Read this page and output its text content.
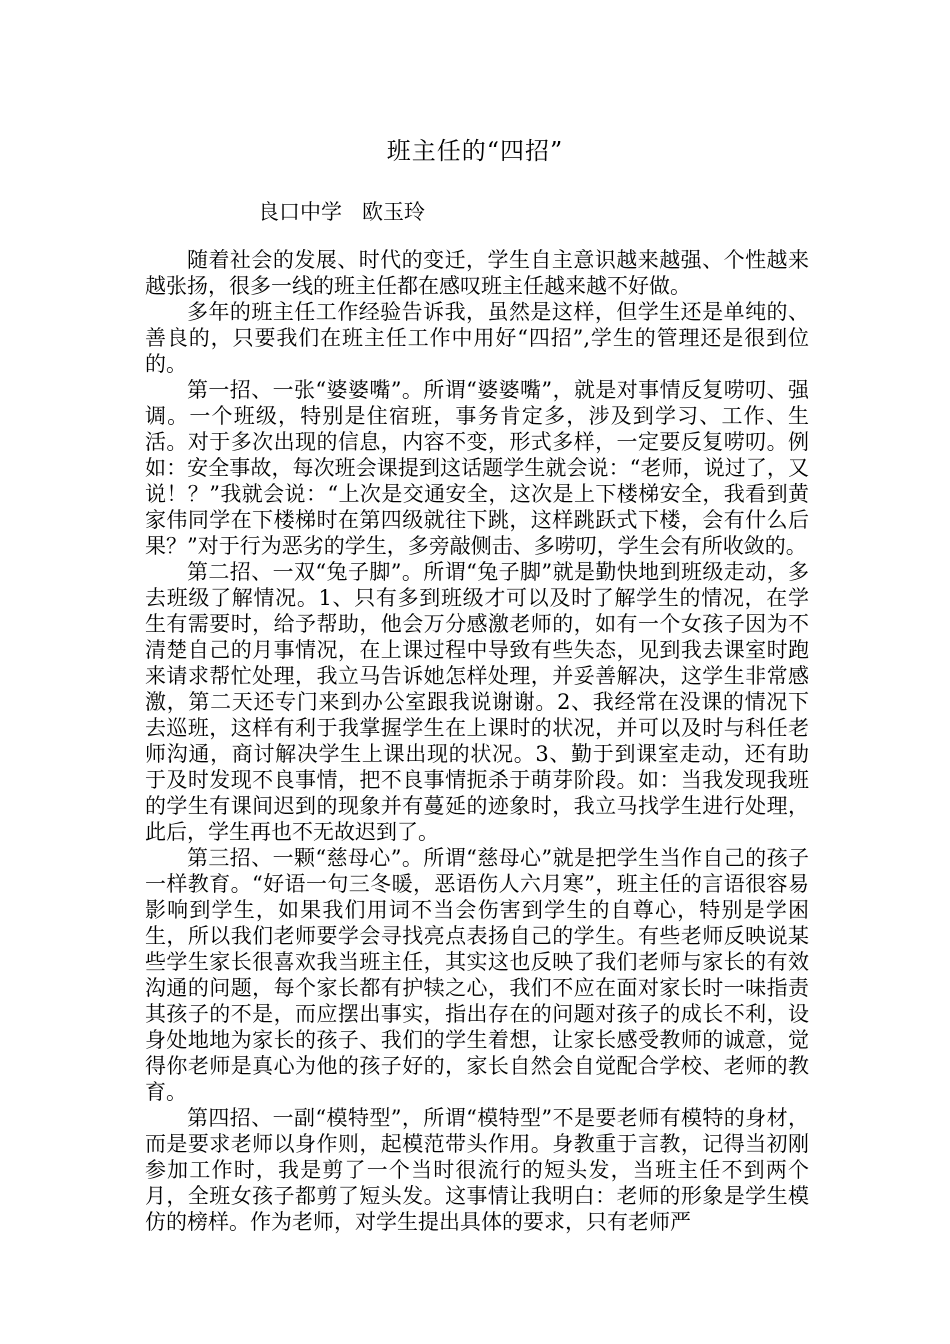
班主任的“四招”
良口中学   欧玉玲

随着社会的发展、时代的变迁，学生自主意识越来越强、个性越来越张扬，很多一线的班主任都在感叹班主任越来越不好做。

多年的班主任工作经验告诉我，虽然是这样，但学生还是单纯的、善良的，只要我们在班主任工作中用好“四招”,学生的管理还是很到位的。

第一招、一张“婆婆嘴”。所谓“婆婆嘴”，就是对事情反复唠叨、强调。一个班级，特别是住宿班，事务肯定多，涉及到学习、工作、生活。对于多次出现的信息，内容不变，形式多样，一定要反复唠叨。例如：安全事故，每次班会课提到这话题学生就会说：“老师，说过了，又说！？”我就会说：“上次是交通安全，这次是上下楼梯安全，我看到黄家伟同学在下楼梯时在第四级就往下跳，这样跳跃式下楼，会有什么后果？”对于行为恶劣的学生，多旁敲侧击、多唠叨，学生会有所收敛的。

第二招、一双“兔子脚”。所谓“兔子脚”就是勤快地到班级走动，多去班级了解情况。1、只有多到班级才可以及时了解学生的情况，在学生有需要时，给予帮助，他会万分感激老师的，如有一个女孩子因为不清楚自己的月事情况，在上课过程中导致有些失态，见到我去课室时跑来请求帮忙处理，我立马告诉她怎样处理，并妥善解决，这学生非常感激，第二天还专门来到办公室跟我说谢谢。2、我经常在没课的情况下去巡班，这样有利于我掌握学生在上课时的状况，并可以及时与科任老师沟通，商讨解决学生上课出现的状况。3、勤于到课室走动，还有助于及时发现不良事情，把不良事情扼杀于萌芽阶段。如：当我发现我班的学生有课间迟到的现象并有蔓延的迹象时，我立马找学生进行处理，此后，学生再也不无故迟到了。

第三招、一颗“慈母心”。所谓“慈母心”就是把学生当作自己的孩子一样教育。“好语一句三冬暖，恶语伤人六月寒”，班主任的言语很容易影响到学生，如果我们用词不当会伤害到学生的自尊心，特别是学困生，所以我们老师要学会寻找亮点表扬自己的学生。有些老师反映说某些学生家长很喜欢我当班主任，其实这也反映了我们老师与家长的有效沟通的问题，每个家长都有护犊之心，我们不应在面对家长时一味指责其孩子的不是，而应摆出事实，指出存在的问题对孩子的成长不利，设身处地地为家长的孩子、我们的学生着想，让家长感受教师的诚意，觉得你老师是真心为他的孩子好的，家长自然会自觉配合学校、老师的教育。

第四招、一副“模特型”，所谓“模特型”不是要老师有模特的身材，而是要求老师以身作则，起模范带头作用。身教重于言教，记得当初刚参加工作时，我是剪了一个当时很流行的短头发，当班主任不到两个月，全班女孩子都剪了短头发。这事情让我明白：老师的形象是学生模仿的榜样。作为老师，对学生提出具体的要求，只有老师严
